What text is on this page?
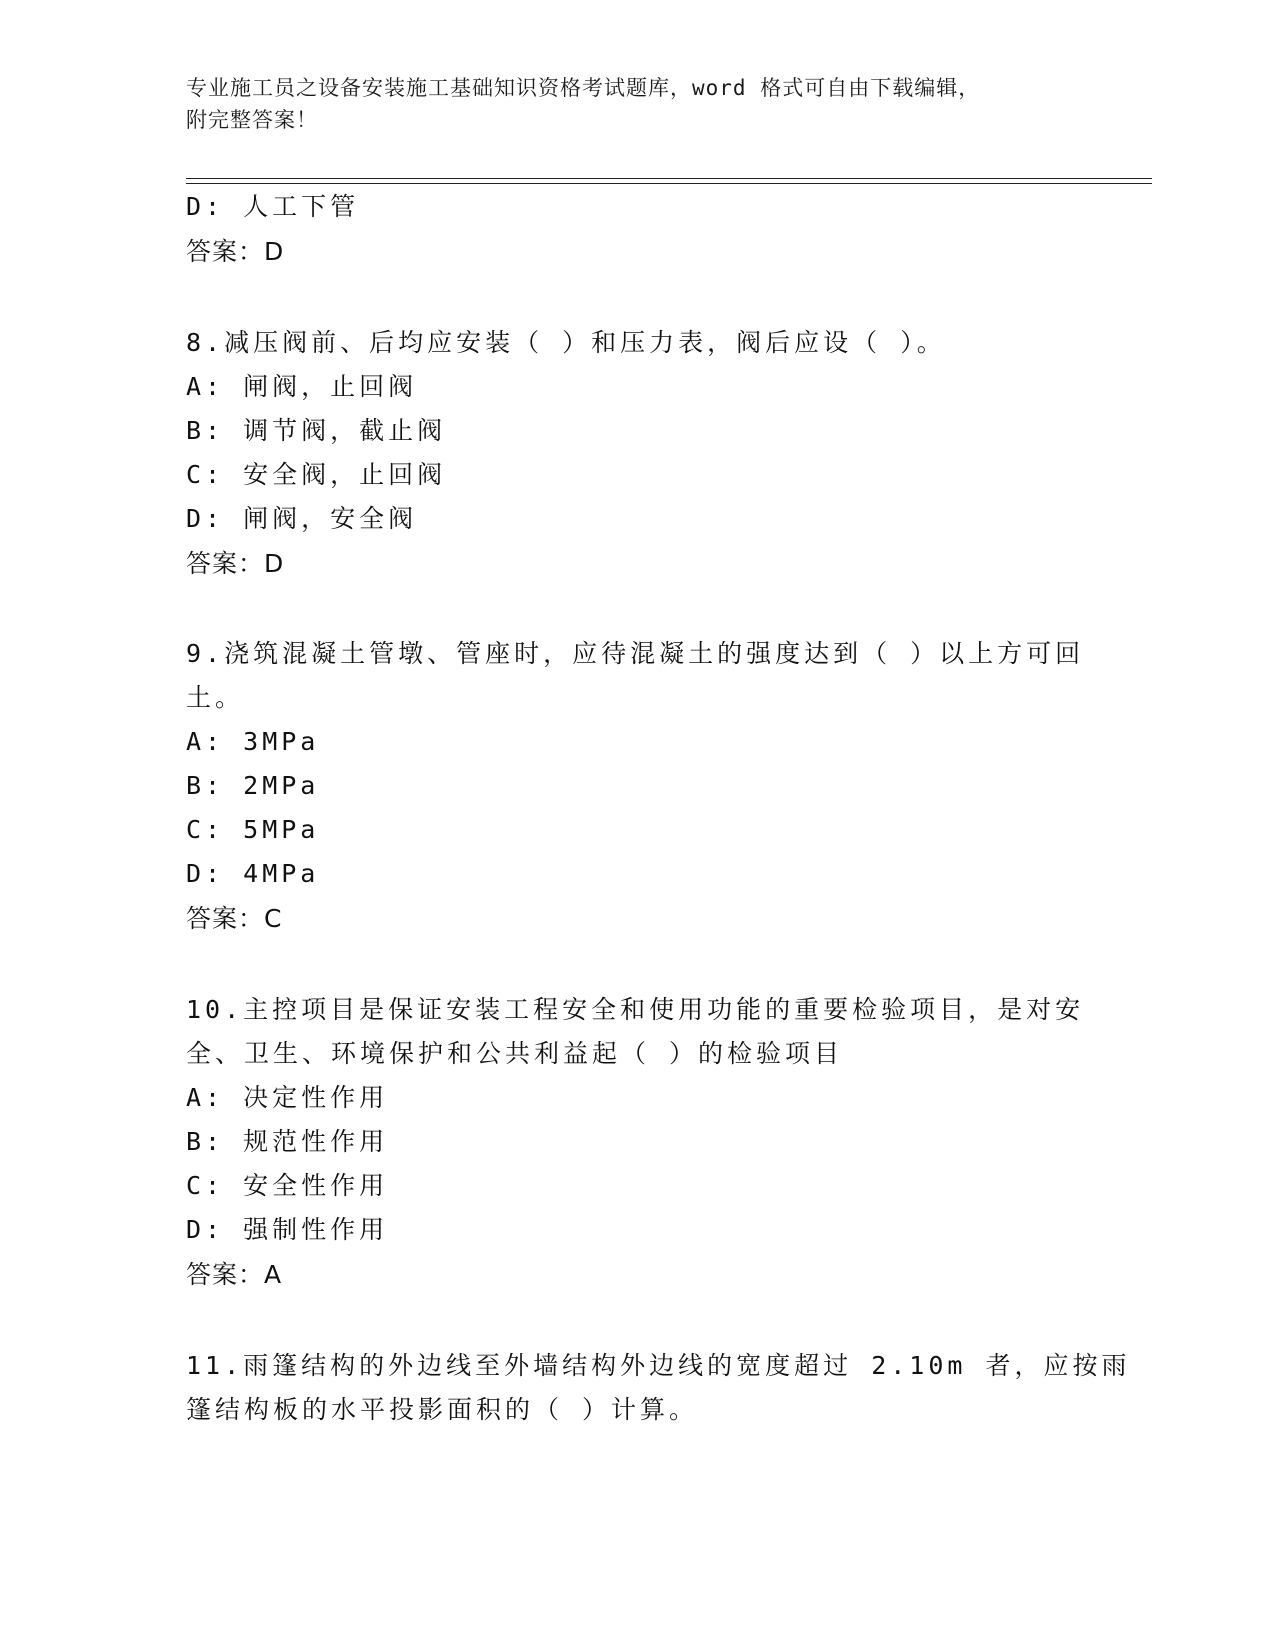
专业施工员之设备安装施工基础知识资格考试题库，word 格式可自由下载编辑，
附完整答案！
D: 人工下管
答案：D
8.减压阀前、后均应安装（ ）和压力表，阀后应设（ ）。
A: 闸阀，止回阀
B: 调节阀，截止阀
C: 安全阀，止回阀
D: 闸阀，安全阀
答案：D
9.浇筑混凝土管墩、管座时，应待混凝土的强度达到（ ）以上方可回
土。
A: 3MPa
B: 2MPa
C: 5MPa
D: 4MPa
答案：C
10.主控项目是保证安装工程安全和使用功能的重要检验项目，是对安
全、卫生、环境保护和公共利益起（ ）的检验项目
A: 决定性作用
B: 规范性作用
C: 安全性作用
D: 强制性作用
答案：A
11.雨篷结构的外边线至外墙结构外边线的宽度超过 2.10m 者，应按雨
篷结构板的水平投影面积的（ ）计算。
